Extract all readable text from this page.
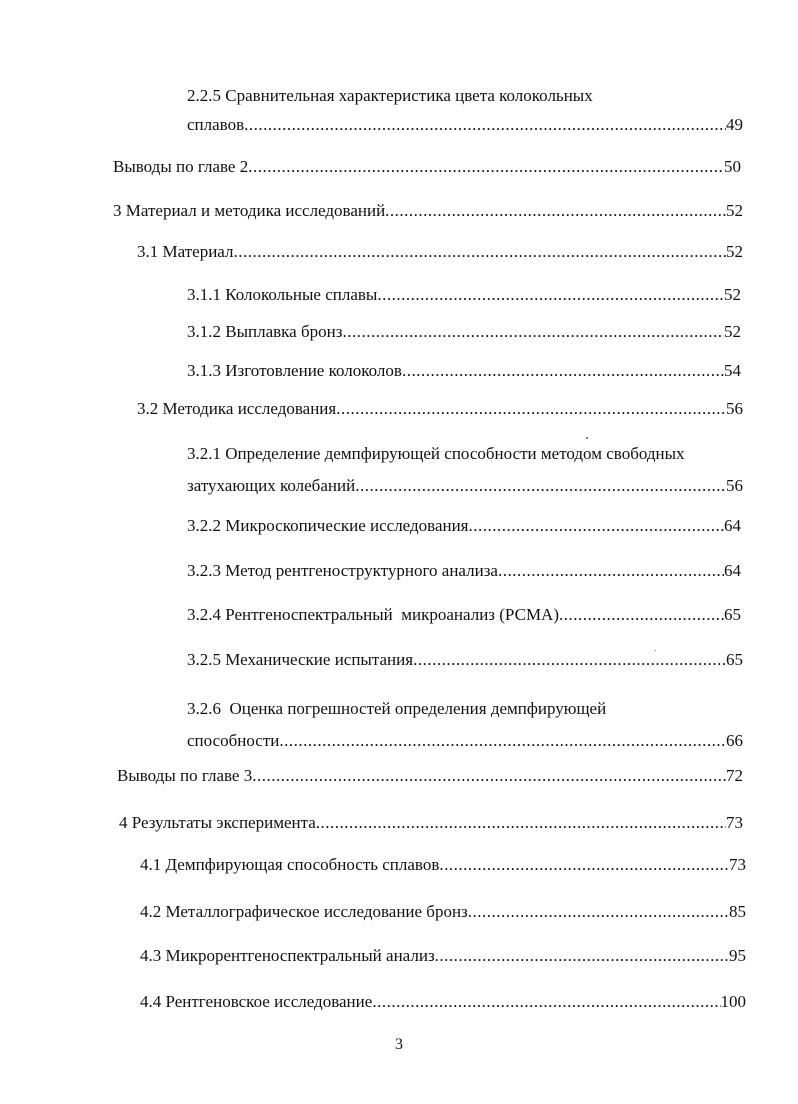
2.2.5 Сравнительная характеристика цвета колокольных
сплавов .....	49
Выводы по главе 2 .....	50
3 Материал и методика исследований .....	52
3.1 Материал .....	52
3.1.1 Колокольные сплавы .....	52
3.1.2 Выплавка бронз .....	52
3.1.3 Изготовление колоколов .....	54
3.2 Методика исследования .....	56
3.2.1 Определение демпфирующей способности методом свободных
затухающих колебаний .....	56
3.2.2 Микроскопические исследования .....	64
3.2.3 Метод рентгеноструктурного анализа .....	64
3.2.4 Рентгеноспектральный  микроанализ (РСМА) .....	65
3.2.5 Механические испытания .....	65
3.2.6  Оценка погрешностей определения демпфирующей
способности .....	66
Выводы по главе 3 .....	72
4 Результаты эксперимента .....	73
4.1 Демпфирующая способность сплавов .....	73
4.2 Металлографическое исследование бронз .....	85
4.3 Микрорентгеноспектральный анализ .....	95
4.4 Рентгеновское исследование .....	100
3
